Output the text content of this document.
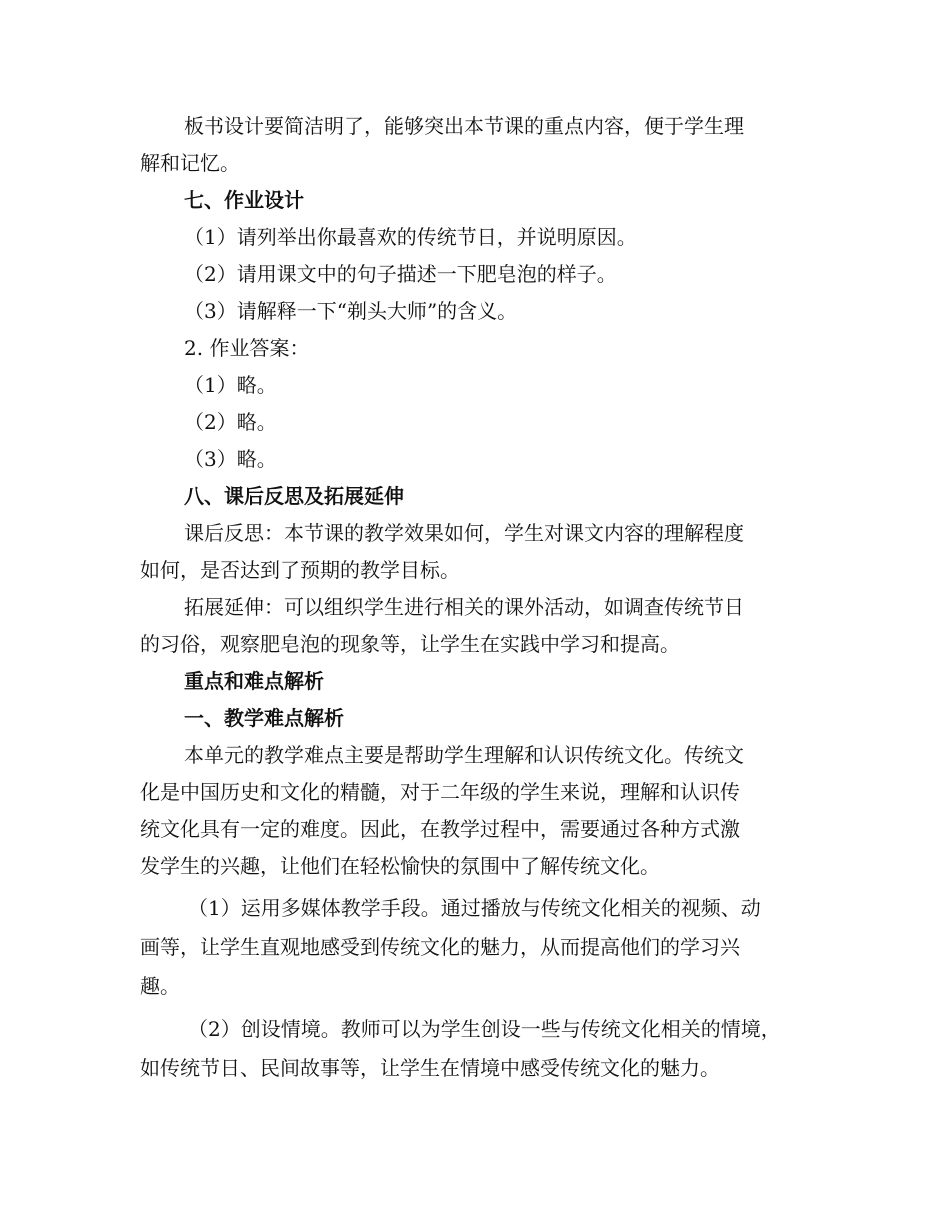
板书设计要简洁明了，能够突出本节课的重点内容，便于学生理
解和记忆。
七、作业设计
（1）请列举出你最喜欢的传统节日，并说明原因。
（2）请用课文中的句子描述一下肥皂泡的样子。
（3）请解释一下“剃头大师”的含义。
2. 作业答案：
（1）略。
（2）略。
（3）略。
八、课后反思及拓展延伸
课后反思：本节课的教学效果如何，学生对课文内容的理解程度
如何，是否达到了预期的教学目标。
拓展延伸：可以组织学生进行相关的课外活动，如调查传统节日
的习俗，观察肥皂泡的现象等，让学生在实践中学习和提高。
重点和难点解析
一、教学难点解析
本单元的教学难点主要是帮助学生理解和认识传统文化。传统文
化是中国历史和文化的精髓，对于二年级的学生来说，理解和认识传
统文化具有一定的难度。因此，在教学过程中，需要通过各种方式激
发学生的兴趣，让他们在轻松愉快的氛围中了解传统文化。
（1）运用多媒体教学手段。通过播放与传统文化相关的视频、动
画等，让学生直观地感受到传统文化的魅力，从而提高他们的学习兴
趣。
（2）创设情境。教师可以为学生创设一些与传统文化相关的情境，
如传统节日、民间故事等，让学生在情境中感受传统文化的魅力。
